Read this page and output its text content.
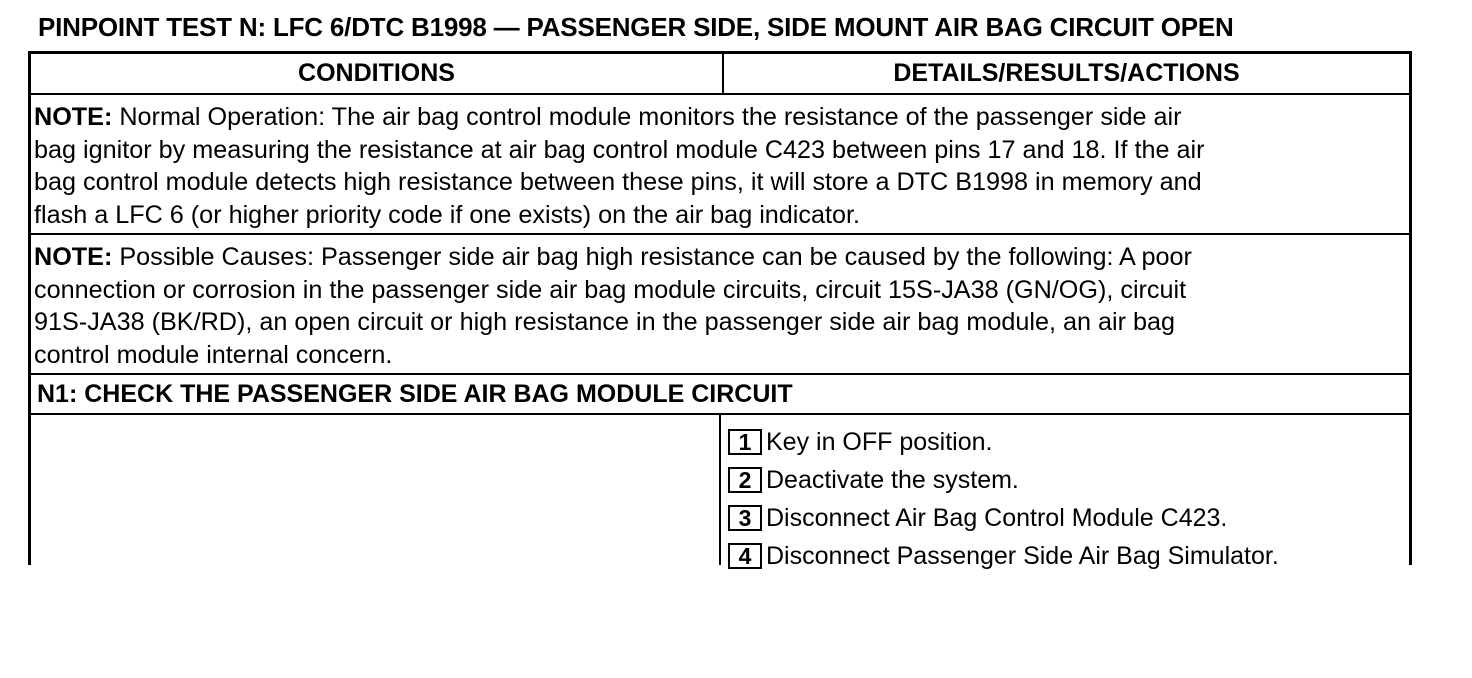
PINPOINT TEST N: LFC 6/DTC B1998 — PASSENGER SIDE, SIDE MOUNT AIR BAG CIRCUIT OPEN
CONDITIONS	DETAILS/RESULTS/ACTIONS
NOTE: Normal Operation: The air bag control module monitors the resistance of the passenger side air
bag ignitor by measuring the resistance at air bag control module C423 between pins 17 and 18. If the air
bag control module detects high resistance between these pins, it will store a DTC B1998 in memory and
flash a LFC 6 (or higher priority code if one exists) on the air bag indicator.
NOTE: Possible Causes: Passenger side air bag high resistance can be caused by the following: A poor
connection or corrosion in the passenger side air bag module circuits, circuit 15S-JA38 (GN/OG), circuit
91S-JA38 (BK/RD), an open circuit or high resistance in the passenger side air bag module, an air bag
control module internal concern.
N1: CHECK THE PASSENGER SIDE AIR BAG MODULE CIRCUIT
1 Key in OFF position.
2 Deactivate the system.
3 Disconnect Air Bag Control Module C423.
4 Disconnect Passenger Side Air Bag Simulator.
